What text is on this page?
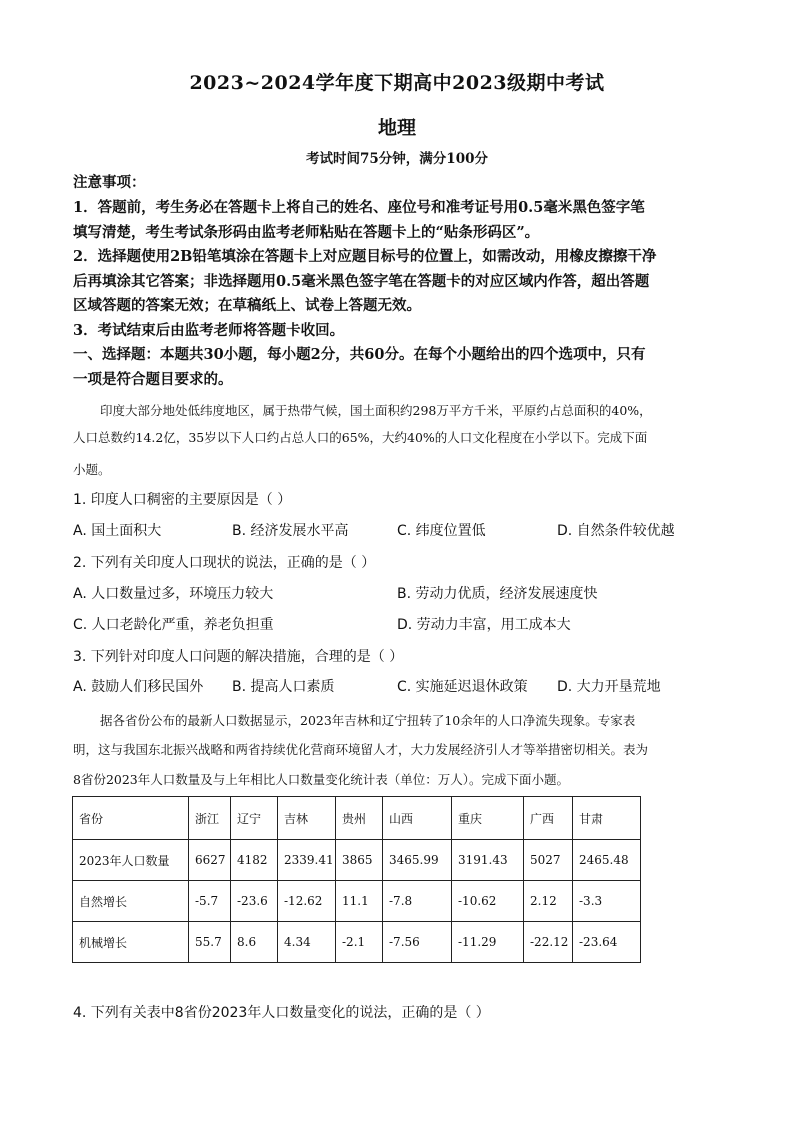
2023~2024学年度下期高中2023级期中考试
地理
考试时间75分钟，满分100分
注意事项：
1．答题前，考生务必在答题卡上将自己的姓名、座位号和准考证号用0.5毫米黑色签字笔
填写清楚，考生考试条形码由监考老师粘贴在答题卡上的“贴条形码区”。
2．选择题使用2B铅笔填涂在答题卡上对应题目标号的位置上，如需改动，用橡皮擦擦干净
后再填涂其它答案；非选择题用0.5毫米黑色签字笔在答题卡的对应区域内作答，超出答题
区域答题的答案无效；在草稿纸上、试卷上答题无效。
3．考试结束后由监考老师将答题卡收回。
一、选择题：本题共30小题，每小题2分，共60分。在每个小题给出的四个选项中，只有
一项是符合题目要求的。
印度大部分地处低纬度地区，属于热带气候，国土面积约298万平方千米，平原约占总面积的40%，
人口总数约14.2亿，35岁以下人口约占总人口的65%，大约40%的人口文化程度在小学以下。完成下面
小题。
1. 印度人口稠密的主要原因是（ ）
A. 国土面积大	B. 经济发展水平高	C. 纬度位置低	D. 自然条件较优越
2. 下列有关印度人口现状的说法，正确的是（ ）
A. 人口数量过多，环境压力较大	B. 劳动力优质，经济发展速度快
C. 人口老龄化严重，养老负担重	D. 劳动力丰富，用工成本大
3. 下列针对印度人口问题的解决措施，合理的是（ ）
A. 鼓励人们移民国外 B. 提高人口素质	C. 实施延迟退休政策 D. 大力开垦荒地
据各省份公布的最新人口数据显示，2023年吉林和辽宁扭转了10余年的人口净流失现象。专家表
明，这与我国东北振兴战略和两省持续优化营商环境留人才，大力发展经济引人才等举措密切相关。表为
8省份2023年人口数量及与上年相比人口数量变化统计表（单位：万人）。完成下面小题。
省份	浙江	辽宁	吉林	贵州	山西	重庆	广西	甘肃
2023年人口数量	6627	4182	2339.41	3865	3465.99	3191.43	5027	2465.48
自然增长	-5.7	-23.6	-12.62	11.1	-7.8	-10.62	2.12	-3.3
机械增长	55.7	8.6	4.34	-2.1	-7.56	-11.29	-22.12	-23.64
4. 下列有关表中8省份2023年人口数量变化的说法，正确的是（ ）
